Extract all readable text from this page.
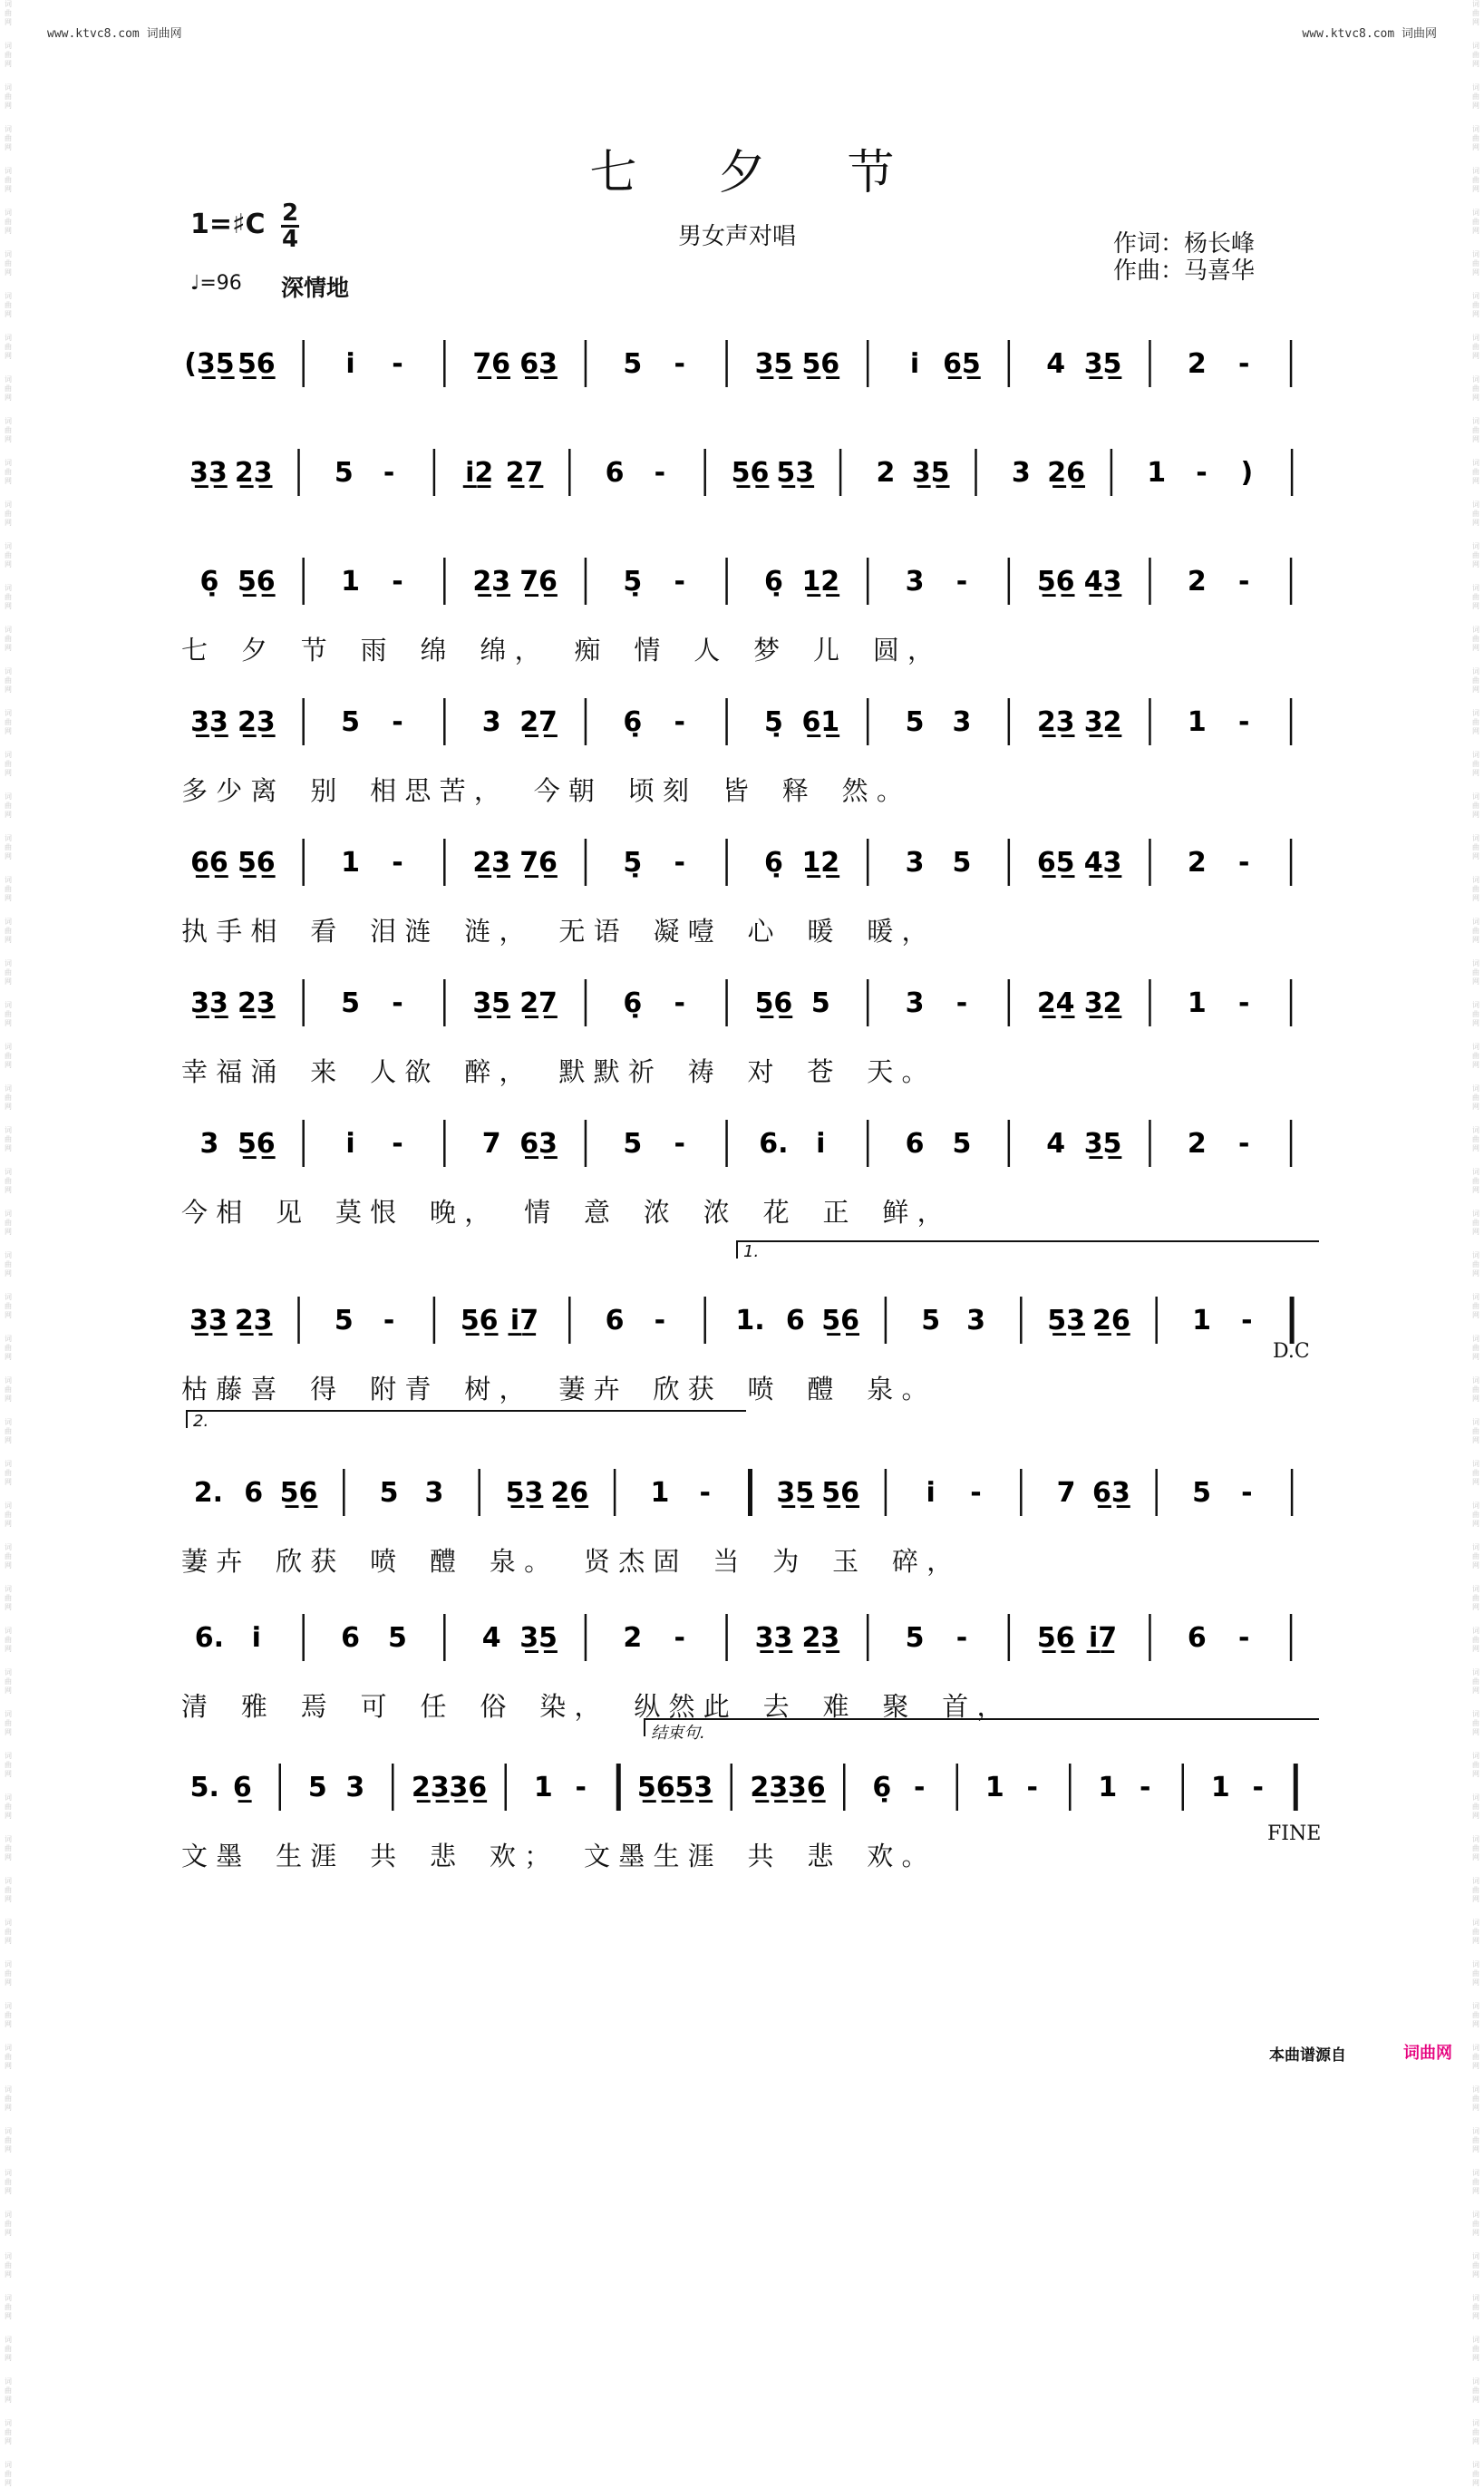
www.ktvc8.com 词曲网	www.ktvc8.com 词曲网
词曲网
词曲网
词曲网
词曲网
词曲网
词曲网
词曲网
词曲网
词曲网
词曲网
词曲网
词曲网
词曲网
词曲网
词曲网
词曲网
词曲网
词曲网
词曲网
词曲网
词曲网
词曲网
词曲网
词曲网
词曲网
词曲网
词曲网
词曲网
词曲网
词曲网
词曲网
词曲网
词曲网
词曲网
词曲网
词曲网
词曲网
词曲网
词曲网
词曲网
词曲网
词曲网
词曲网
词曲网
词曲网
词曲网
词曲网
词曲网
词曲网
词曲网
词曲网
词曲网
词曲网
词曲网
词曲网
词曲网
词曲网
词曲网
词曲网
词曲网
词曲网
词曲网
词曲网
词曲网
词曲网
词曲网
词曲网
词曲网
词曲网
词曲网
词曲网
词曲网
词曲网
词曲网
词曲网
词曲网
词曲网
词曲网
词曲网
词曲网
词曲网
词曲网
词曲网
词曲网
词曲网
词曲网
词曲网
词曲网
词曲网
词曲网
词曲网
词曲网
词曲网
词曲网
词曲网
词曲网
词曲网
词曲网
词曲网
词曲网
词曲网
词曲网
词曲网
词曲网
词曲网
词曲网
词曲网
词曲网
词曲网
词曲网
词曲网
词曲网
词曲网
词曲网
词曲网
词曲网
词曲网
词曲网
词曲网
词曲网
七夕节
1=♯C 2
4
♩=96 深情地
男女声对唱	作词：杨长峰
作曲：马喜华
(3̲5̲ 5̲6̲	i̇ -	7̲6̲ 6̲3̲ 5 -	3̲5̲ 5̲6̲	i̇ 6̲5̲ 4 3̲5̲ 2 -
3̲3̲ 2̲3̲ 5 -	i̲̇2̲ 2̲7̲ 6 - 5̲6̲ 5̲3̲ 2 3̲5̲ 3 2̲6̲ 1 - )
6̣ 5̲6̲ 1 -	2̲3̲ 7̲6̲ 5̣ -	6̣ 1̲2̲ 3 -	5̲6̲ 4̲3̲ 2 -
七    夕    节    雨    绵    绵 ，    痴    情    人    梦    儿    圆 ，
3̲3̲ 2̲3̲ 5 -	3 2̲7̲ 6̣ -	5̣ 6̲1̲ 5 3 2̲3̲ 3̲2̲ 1 -
多 少 离    别    相 思 苦 ，    今 朝    顷 刻    皆    释    然 。
6̲6̲ 5̲6̲ 1 -	2̲3̲ 7̲6̲ 5̣ -	6̣ 1̲2̲ 3 5 6̲5̲ 4̲3̲ 2 -
执 手 相    看    泪 涟    涟 ，    无 语    凝 噎    心    暖    暖 ，
3̲3̲ 2̲3̲ 5 -	3̲5̲ 2̲7̲ 6̣ -	5̲6̲ 5	3 -	2̲4̲ 3̲2̲ 1 -
幸 福 涌    来    人 欲    醉 ，    默 默 祈    祷    对    苍    天 。
3 5̲6̲	i̇ -	7 6̲3̲ 5 -	6. i̇	6 5	4 3̲5̲ 2 -
今 相    见    莫 恨    晚 ，    情    意    浓    浓    花    正    鲜 ，
3̲3̲ 2̲3̲ 5 - 5̲6̲ i̲7̲ 6 -	1. 6 5̲6̲ 5 3 5̲3̲ 2̲6̲ 1 -
枯 藤 喜    得    附 青    树 ，    萋 卉    欣 获    喷    醴    泉 。
2. 6 5̲6̲ 5 3 5̲3̲ 2̲6̲ 1 - 3̲5̲ 5̲6̲ i̇ -	7 6̲3̲ 5 -
萋 卉    欣 获    喷    醴    泉 。    贤 杰 固    当    为    玉    碎 ，
6. i̇	6 5	4 3̲5̲ 2 -	3̲3̲ 2̲3̲ 5 -	5̲6̲ i̲7̲	6 -
清    雅    焉    可    任    俗    染 ，    纵 然 此    去    难    聚    首 ，
5. 6̲ 5 3 2̲3̲ 3̲6̲ 1 - 5̲6̲ 5̲3̲ 2̲3̲ 3̲6̲ 6̣ - 1 - 1 - 1 -
文 墨    生 涯    共    悲    欢 ；    文 墨 生 涯    共    悲    欢 。
1.
2.
结束句.
D.C
FINE
本曲谱源自	词曲网
